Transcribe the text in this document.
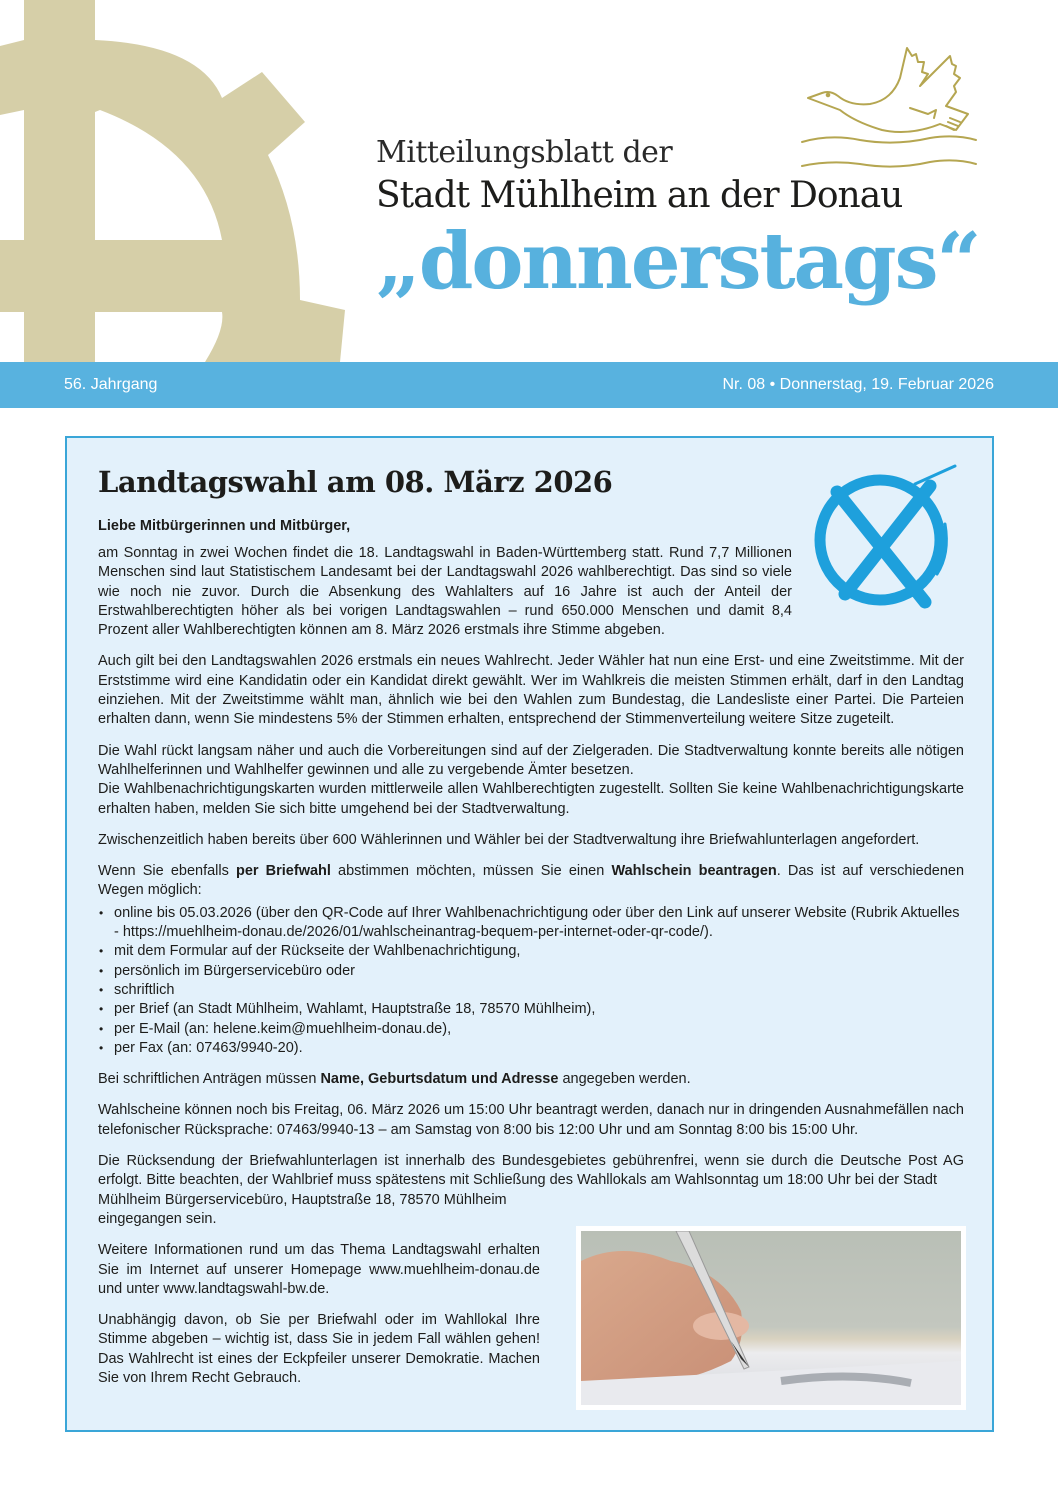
Mitteilungsblatt der
Stadt Mühlheim an der Donau
„donnerstags“
56. Jahrgang	Nr. 08 • Donnerstag, 19. Februar 2026
Landtagswahl am 08. März 2026
Liebe Mitbürgerinnen und Mitbürger,

am Sonntag in zwei Wochen findet die 18. Landtagswahl in Baden-Württemberg statt. Rund 7,7 Millionen Menschen sind laut Statistischem Landesamt bei der Landtagswahl 2026 wahlberechtigt. Das sind so viele wie noch nie zuvor. Durch die Absenkung des Wahlalters auf 16 Jahre ist auch der Anteil der Erstwahlberechtigten höher als bei vorigen Landtagswahlen – rund 650.000 Menschen und damit 8,4 Prozent aller Wahlberechtigten können am 8. März 2026 erstmals ihre Stimme abgeben.

Auch gilt bei den Landtagswahlen 2026 erstmals ein neues Wahlrecht. Jeder Wähler hat nun eine Erst- und eine Zweitstimme. Mit der Erststimme wird eine Kandidatin oder ein Kandidat direkt gewählt. Wer im Wahlkreis die meisten Stimmen erhält, darf in den Landtag einziehen. Mit der Zweitstimme wählt man, ähnlich wie bei den Wahlen zum Bundestag, die Landesliste einer Partei. Die Parteien erhalten dann, wenn Sie mindestens 5% der Stimmen erhalten, entsprechend der Stimmenverteilung weitere Sitze zugeteilt.

Die Wahl rückt langsam näher und auch die Vorbereitungen sind auf der Zielgeraden. Die Stadtverwaltung konnte bereits alle nötigen Wahlhelferinnen und Wahlhelfer gewinnen und alle zu vergebende Ämter besetzen.

Die Wahlbenachrichtigungskarten wurden mittlerweile allen Wahlberechtigten zugestellt. Sollten Sie keine Wahlbenachrichtigungskarte erhalten haben, melden Sie sich bitte umgehend bei der Stadtverwaltung.

Zwischenzeitlich haben bereits über 600 Wählerinnen und Wähler bei der Stadtverwaltung ihre Briefwahlunterlagen angefordert.

Wenn Sie ebenfalls per Briefwahl abstimmen möchten, müssen Sie einen Wahlschein beantragen. Das ist auf verschiedenen Wegen möglich:

• online bis 05.03.2026 (über den QR-Code auf Ihrer Wahlbenachrichtigung oder über den Link auf unserer Website (Rubrik Aktuelles - https://muehlheim-donau.de/2026/01/wahlscheinantrag-bequem-per-internet-oder-qr-code/).
• mit dem Formular auf der Rückseite der Wahlbenachrichtigung,
• persönlich im Bürgerservicebüro oder
• schriftlich
• per Brief (an Stadt Mühlheim, Wahlamt, Hauptstraße 18, 78570 Mühlheim),
• per E-Mail (an: helene.keim@muehlheim-donau.de),
• per Fax (an: 07463/9940-20).

Bei schriftlichen Anträgen müssen Name, Geburtsdatum und Adresse angegeben werden.

Wahlscheine können noch bis Freitag, 06. März 2026 um 15:00 Uhr beantragt werden, danach nur in dringenden Ausnahmefällen nach telefonischer Rücksprache: 07463/9940-13 – am Samstag von 8:00 bis 12:00 Uhr und am Sonntag 8:00 bis 15:00 Uhr.

Die Rücksendung der Briefwahlunterlagen ist innerhalb des Bundesgebietes gebührenfrei, wenn sie durch die Deutsche Post AG erfolgt. Bitte beachten, der Wahlbrief muss spätestens mit Schließung des Wahllokals am Wahlsonntag um 18:00 Uhr bei der Stadt

Mühlheim Bürgerservicebüro, Hauptstraße 18, 78570 Mühlheim eingegangen sein.

Weitere Informationen rund um das Thema Landtagswahl erhalten Sie im Internet auf unserer Homepage www.muehlheim-donau.de und unter www.landtagswahl-bw.de.

Unabhängig davon, ob Sie per Briefwahl oder im Wahllokal Ihre Stimme abgeben – wichtig ist, dass Sie in jedem Fall wählen gehen! Das Wahlrecht ist eines der Eckpfeiler unserer Demokratie. Machen Sie von Ihrem Recht Gebrauch.
